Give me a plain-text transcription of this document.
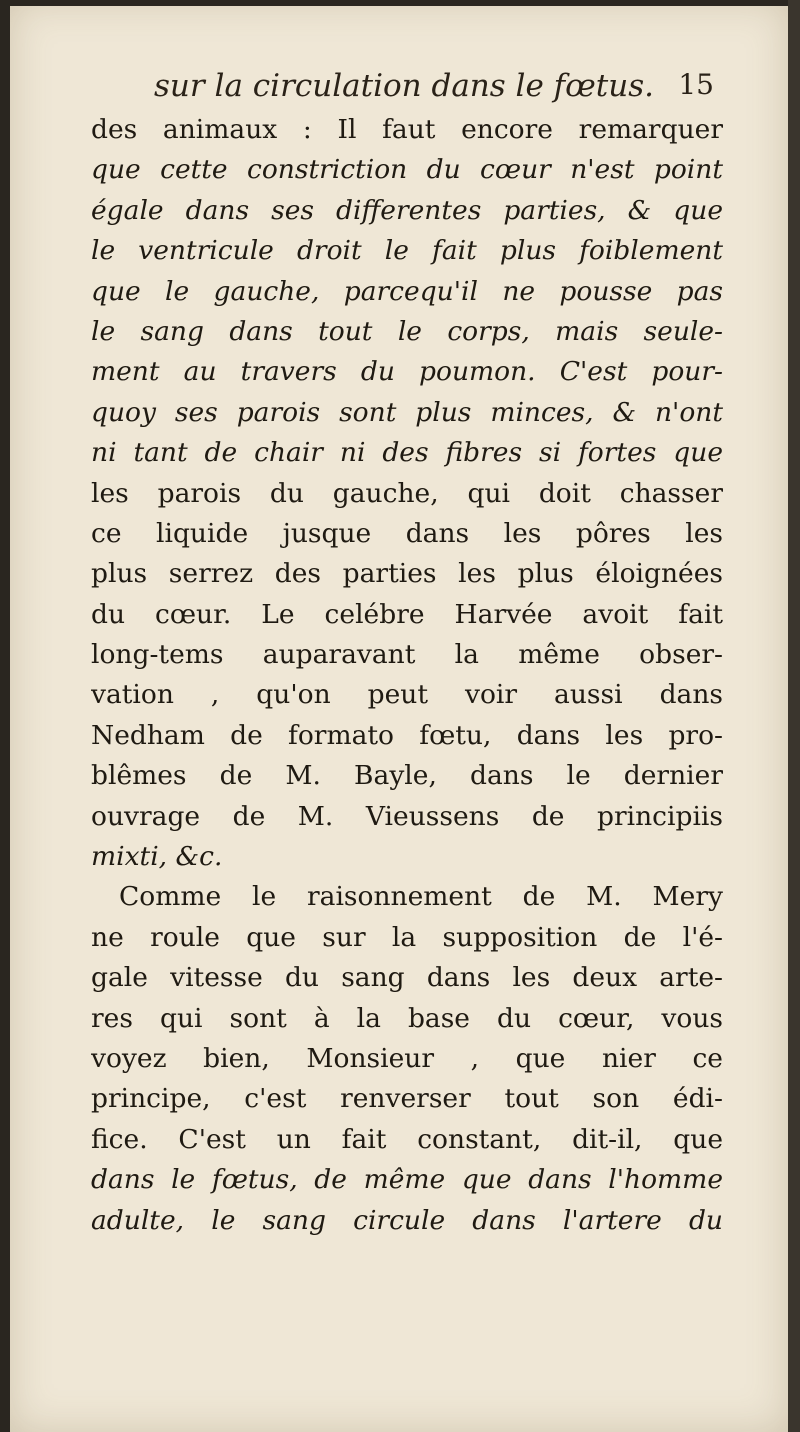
sur la circulation dans le fœtus. 15
des animaux : Il faut encore remarquer
que cette constriction du cœur n'est point
égale dans ses differentes parties, & que
le ventricule droit le fait plus foiblement
que le gauche, parcequ'il ne pousse pas
le sang dans tout le corps, mais seule-
ment au travers du poumon. C'est pour-
quoy ses parois sont plus minces, & n'ont
ni tant de chair ni des fibres si fortes que
les parois du gauche, qui doit chasser
ce liquide jusque dans les pôres les
plus serrez des parties les plus éloignées
du cœur. Le celébre Harvée avoit fait
long-tems auparavant la même obser-
vation , qu'on peut voir aussi dans
Nedham de formato fœtu, dans les pro-
blêmes de M. Bayle, dans le dernier
ouvrage de M. Vieussens de principiis
mixti, &c.
Comme le raisonnement de M. Mery
ne roule que sur la supposition de l'é-
gale vitesse du sang dans les deux arte-
res qui sont à la base du cœur, vous
voyez bien, Monsieur , que nier ce
principe, c'est renverser tout son édi-
fice. C'est un fait constant, dit-il, que
dans le fœtus, de même que dans l'homme
adulte, le sang circule dans l'artere du
